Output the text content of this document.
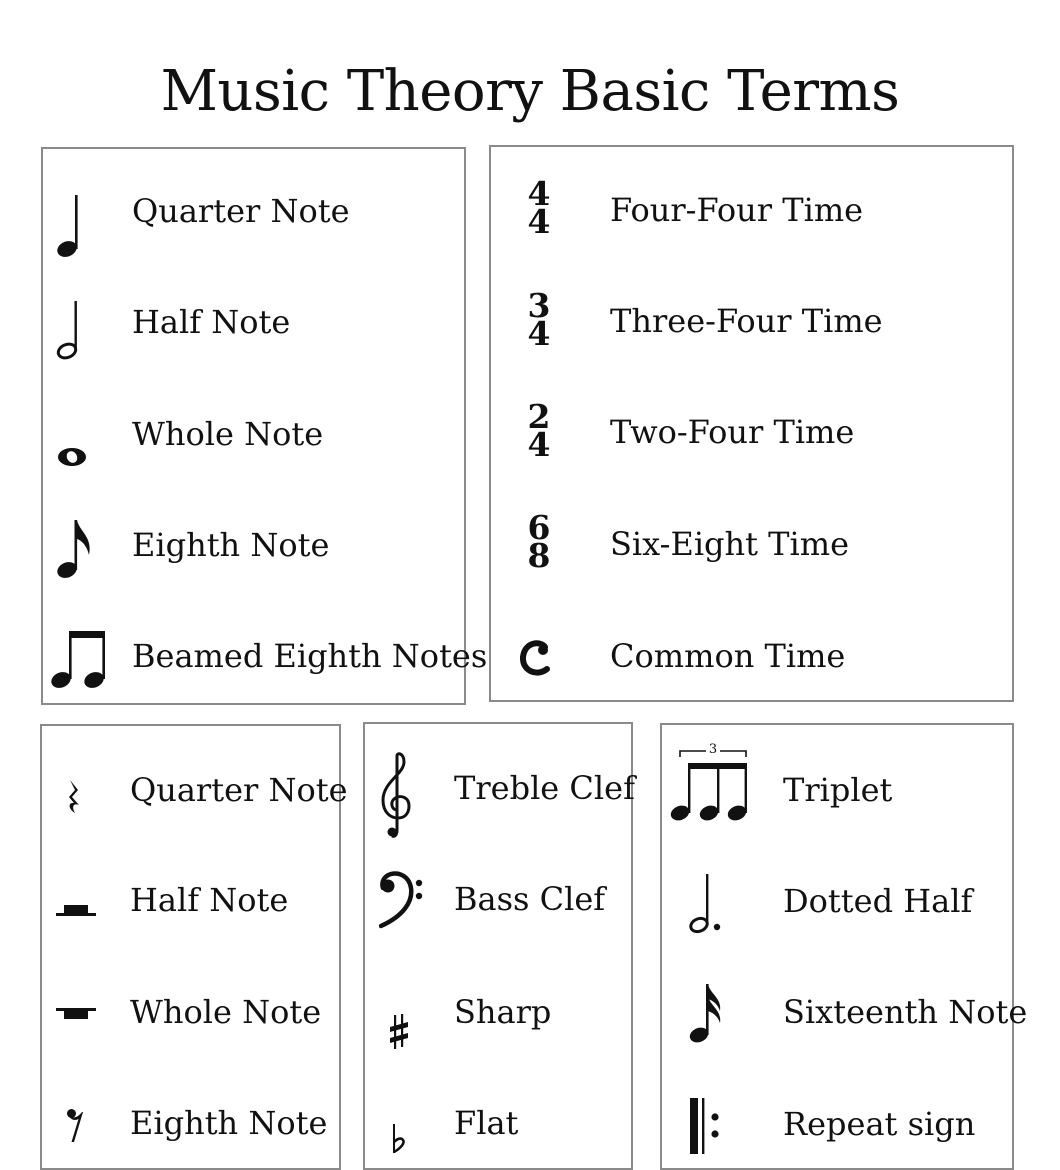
Music Theory Basic Terms
Quarter Note
Half Note
Whole Note
Eighth Note
Beamed Eighth Notes
4
4 Four-Four Time
3
4 Three-Four Time
2
4 Two-Four Time
6
8 Six-Eight Time
Common Time
Quarter Note
Half Note
Whole Note
Eighth Note
Treble Clef
Bass Clef
Sharp
Flat
3
Triplet
Dotted Half
Sixteenth Note
Repeat sign
